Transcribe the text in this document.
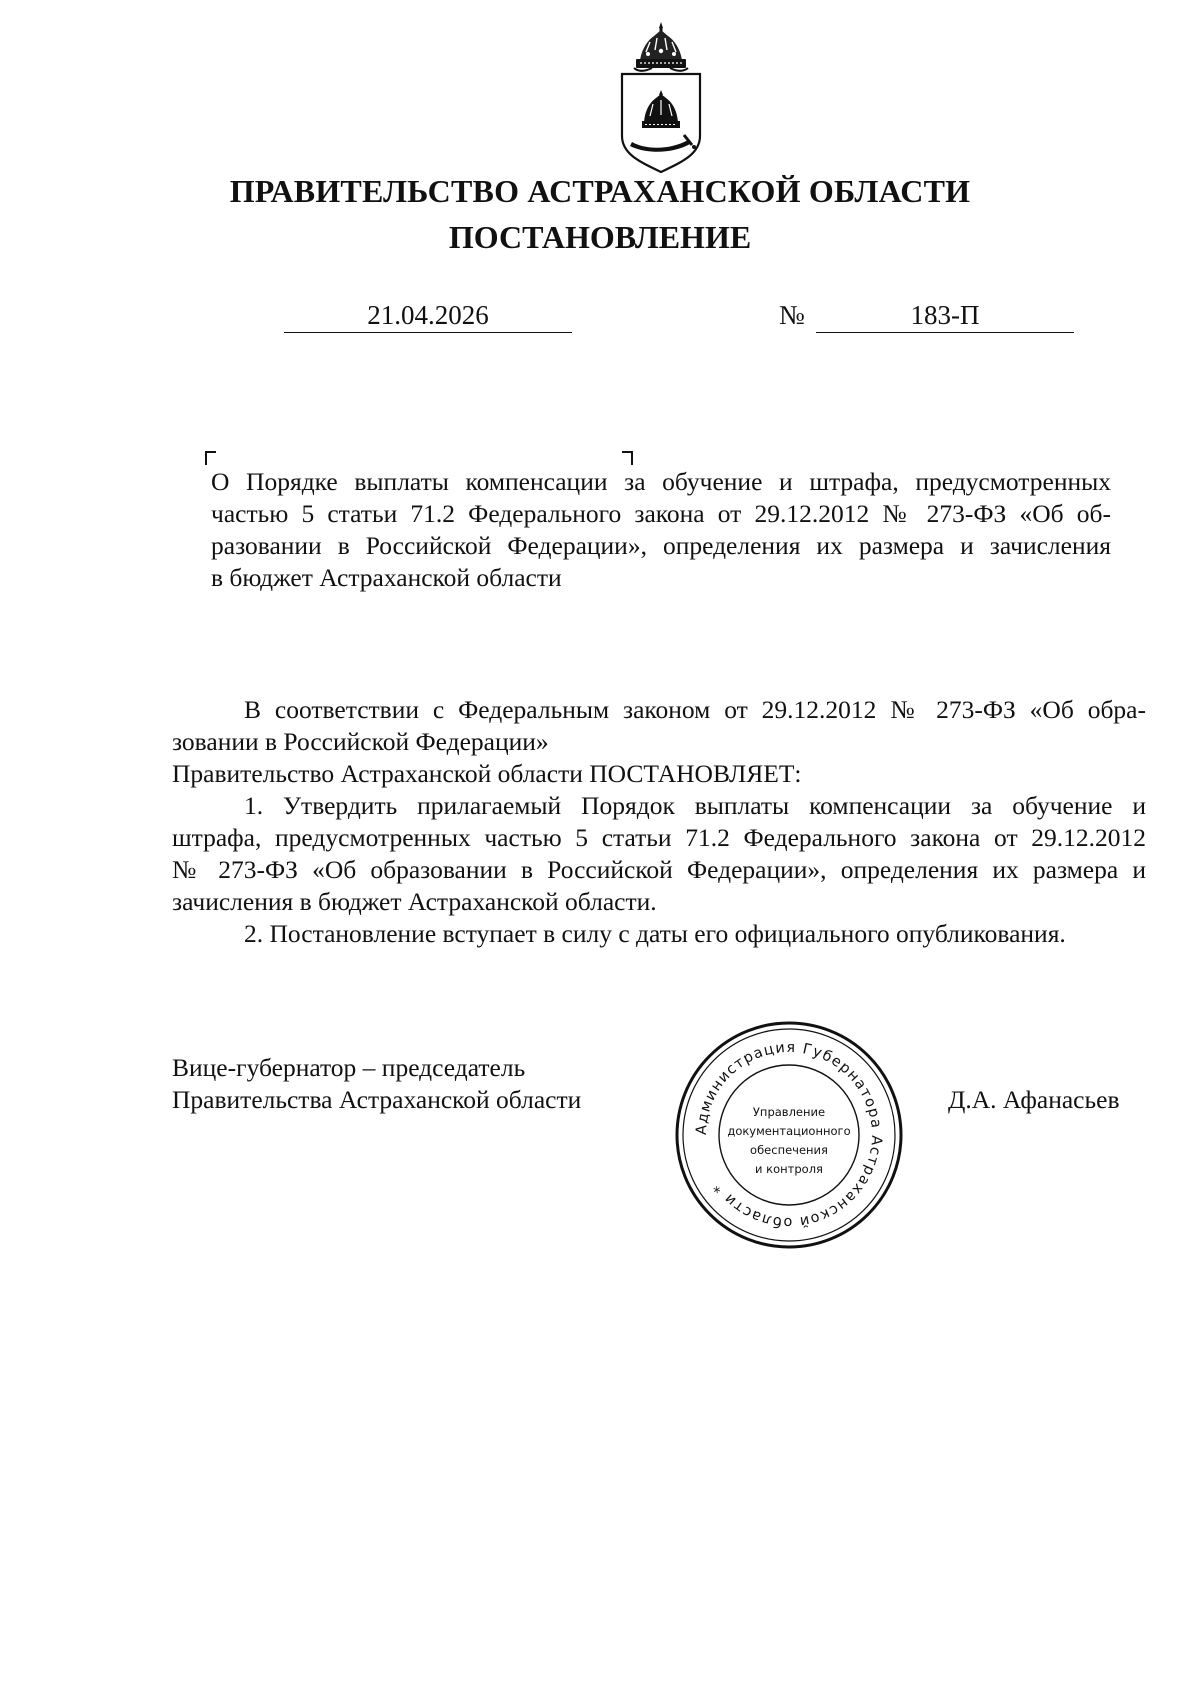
ПРАВИТЕЛЬСТВО АСТРАХАНСКОЙ ОБЛАСТИ
ПОСТАНОВЛЕНИЕ
21.04.2026	№	183-П
О Порядке выплаты компенсации за обучение и штрафа, предусмотренных
частью 5 статьи 71.2 Федерального закона от 29.12.2012 № 273-ФЗ «Об об-
разовании в Российской Федерации», определения их размера и зачисления
в бюджет Астраханской области
В соответствии с Федеральным законом от 29.12.2012 № 273-ФЗ «Об обра-
зовании в Российской Федерации»
Правительство Астраханской области ПОСТАНОВЛЯЕТ:
1. Утвердить прилагаемый Порядок выплаты компенсации за обучение и
штрафа, предусмотренных частью 5 статьи 71.2 Федерального закона от 29.12.2012
№ 273-ФЗ «Об образовании в Российской Федерации», определения их размера и
зачисления в бюджет Астраханской области.
2. Постановление вступает в силу с даты его официального опубликования.
Вице-губернатор – председатель
Правительства Астраханской области	Д.А. Афанасьев
Администрация Губернатора Астраханской области *
Управление
документационного
обеспечения
и контроля
